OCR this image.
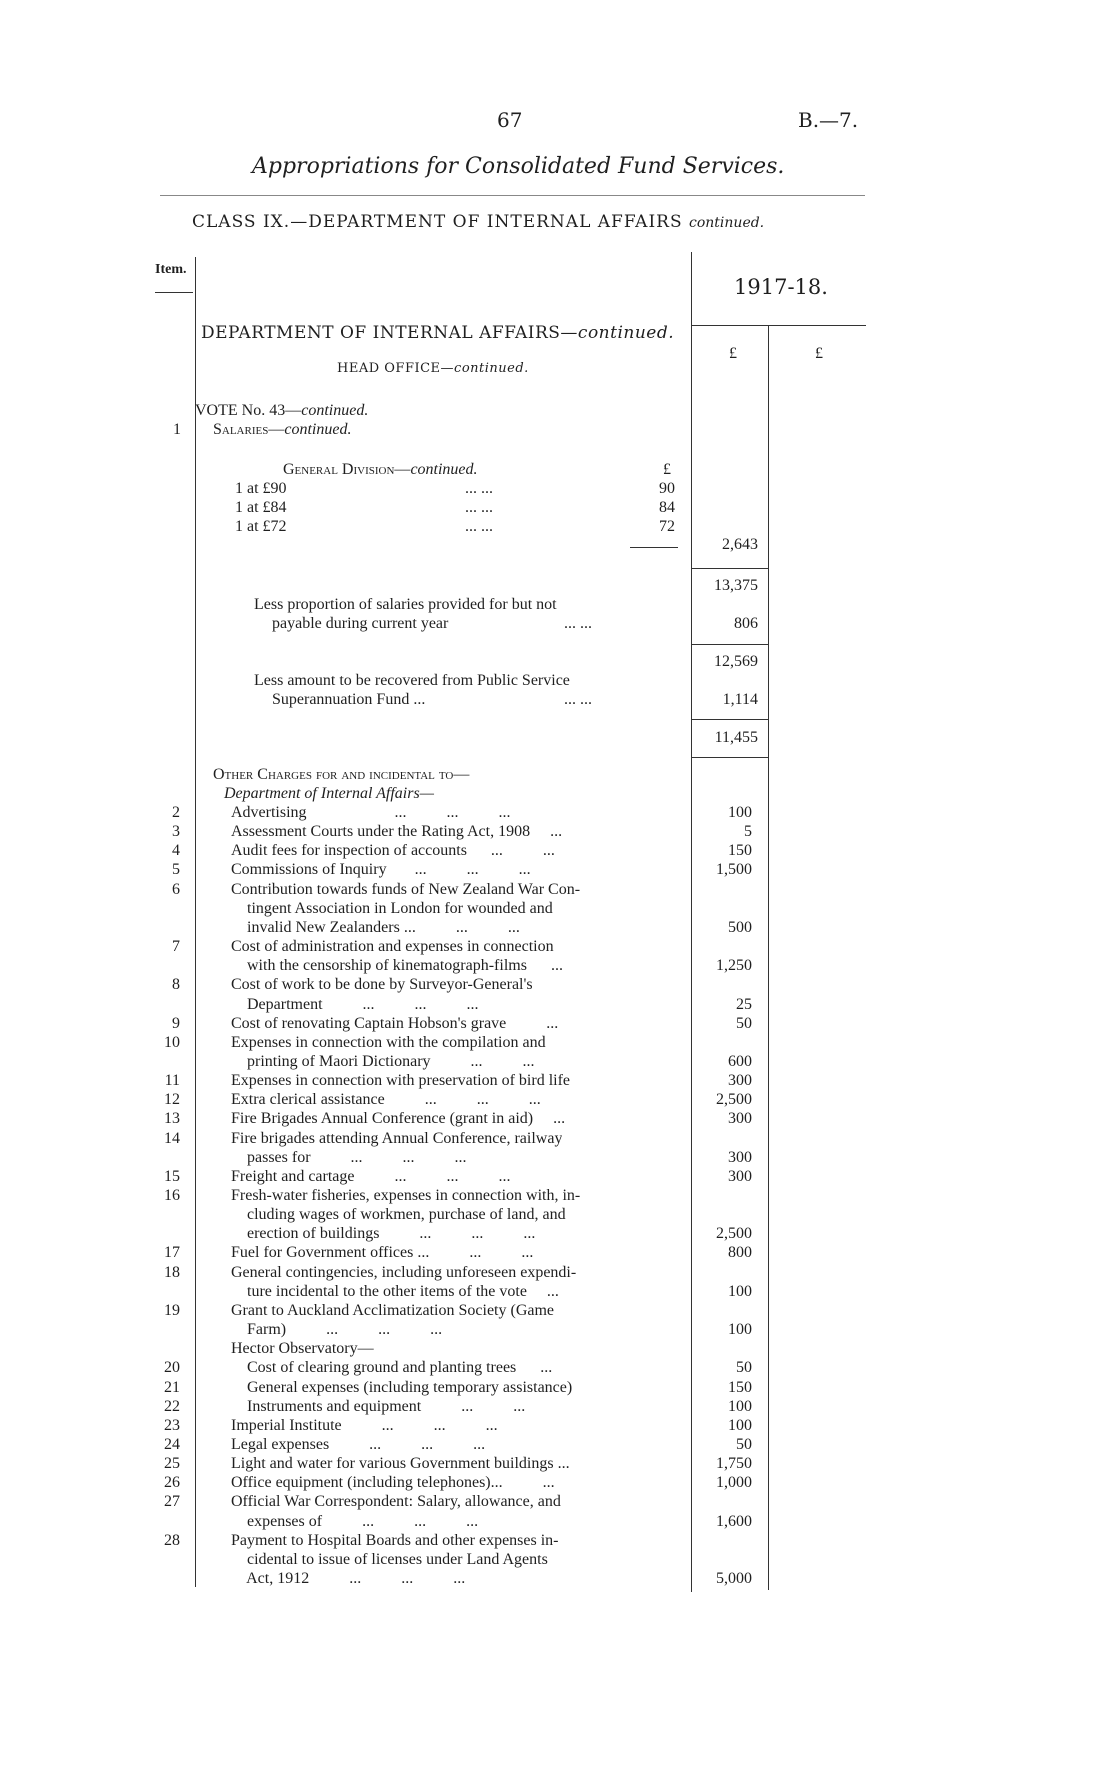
67	B.—7.
Appropriations for Consolidated Fund Services.
CLASS IX.—DEPARTMENT OF INTERNAL AFFAIRS continued.
Item.
1917-18.
£	£
DEPARTMENT OF INTERNAL AFFAIRS—continued.
HEAD OFFICE—continued.
VOTE No. 43—continued.
1 Salaries—continued.
General Division—continued.	£
1 at £90	... ...	90
1 at £84	... ...	84
1 at £72	... ...	72
2,643
13,375
Less proportion of salaries provided for but not
payable during current year	... ...	806
12,569
Less amount to be recovered from Public Service
Superannuation Fund ...	... ...	1,114
11,455
Other Charges for and incidental to—
Department of Internal Affairs—
2	Advertising                      ...          ...          ...	100
3	Assessment Courts under the Rating Act, 1908     ...	5
4	Audit fees for inspection of accounts      ...          ...	150
5	Commissions of Inquiry       ...          ...          ...	1,500
6	Contribution towards funds of New Zealand War Con-
tingent Association in London for wounded and
invalid New Zealanders ...          ...          ...	500
7	Cost of administration and expenses in connection
with the censorship of kinematograph-films      ...	1,250
8	Cost of work to be done by Surveyor-General's
Department          ...          ...          ...	25
9	Cost of renovating Captain Hobson's grave          ...	50
10	Expenses in connection with the compilation and
printing of Maori Dictionary          ...          ...	600
11	Expenses in connection with preservation of bird life	300
12	Extra clerical assistance          ...          ...          ...	2,500
13	Fire Brigades Annual Conference (grant in aid)     ...	300
14	Fire brigades attending Annual Conference, railway
passes for          ...          ...          ...	300
15	Freight and cartage          ...          ...          ...	300
16	Fresh-water fisheries, expenses in connection with, in-
cluding wages of workmen, purchase of land, and
erection of buildings          ...          ...          ...	2,500
17	Fuel for Government offices ...          ...          ...	800
18	General contingencies, including unforeseen expendi-
ture incidental to the other items of the vote     ...	100
19	Grant to Auckland Acclimatization Society (Game
Farm)          ...          ...          ...	100
Hector Observatory—
20	Cost of clearing ground and planting trees      ...	50
21	General expenses (including temporary assistance)	150
22	Instruments and equipment          ...          ...	100
23	Imperial Institute          ...          ...          ...	100
24	Legal expenses          ...          ...          ...	50
25	Light and water for various Government buildings ...	1,750
26	Office equipment (including telephones)...          ...	1,000
27	Official War Correspondent: Salary, allowance, and
expenses of          ...          ...          ...	1,600
28	Payment to Hospital Boards and other expenses in-
cidental to issue of licenses under Land Agents
Act, 1912          ...          ...          ...	5,000
